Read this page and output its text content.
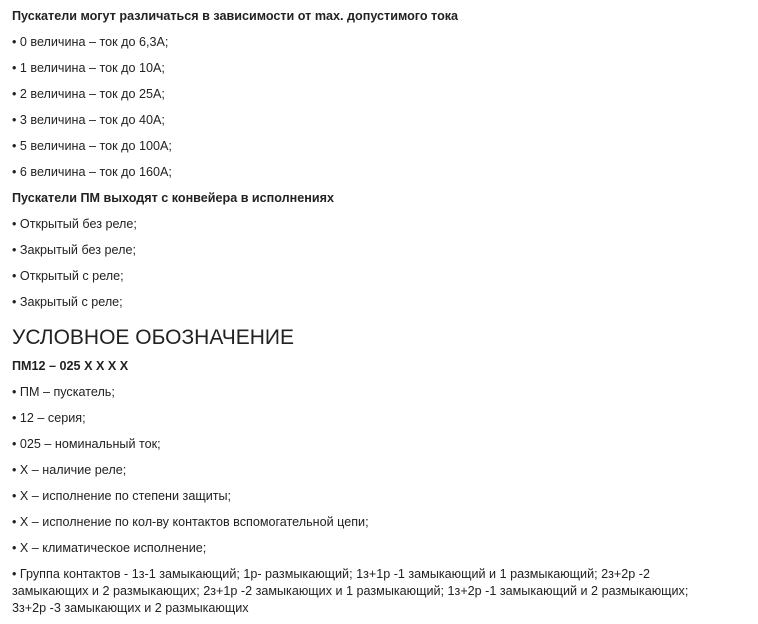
Пускатели могут различаться в зависимости от max. допустимого тока

• 0 величина – ток до 6,3А;

• 1 величина – ток до 10А;

• 2 величина – ток до 25А;

• 3 величина – ток до 40А;

• 5 величина – ток до 100А;

• 6 величина – ток до 160А;

Пускатели ПМ выходят с конвейера в исполнениях

• Открытый без реле;

• Закрытый без реле;

• Открытый с реле;

• Закрытый с реле;

УСЛОВНОЕ ОБОЗНАЧЕНИЕ

ПМ12 – 025 X X X X

• ПМ – пускатель;

• 12 – серия;

• 025 – номинальный ток;

• X – наличие реле;

• X – исполнение по степени защиты;

• X – исполнение по кол-ву контактов вспомогательной цепи;

• X – климатическое исполнение;

• Группа контактов - 1з-1 замыкающий; 1р- размыкающий; 1з+1р -1 замыкающий и 1 размыкающий; 2з+2р -2 замыкающих и 2 размыкающих; 2з+1р -2 замыкающих и 1 размыкающий; 1з+2р -1 замыкающий и 2 размыкающих; 3з+2р -3 замыкающих и 2 размыкающих
